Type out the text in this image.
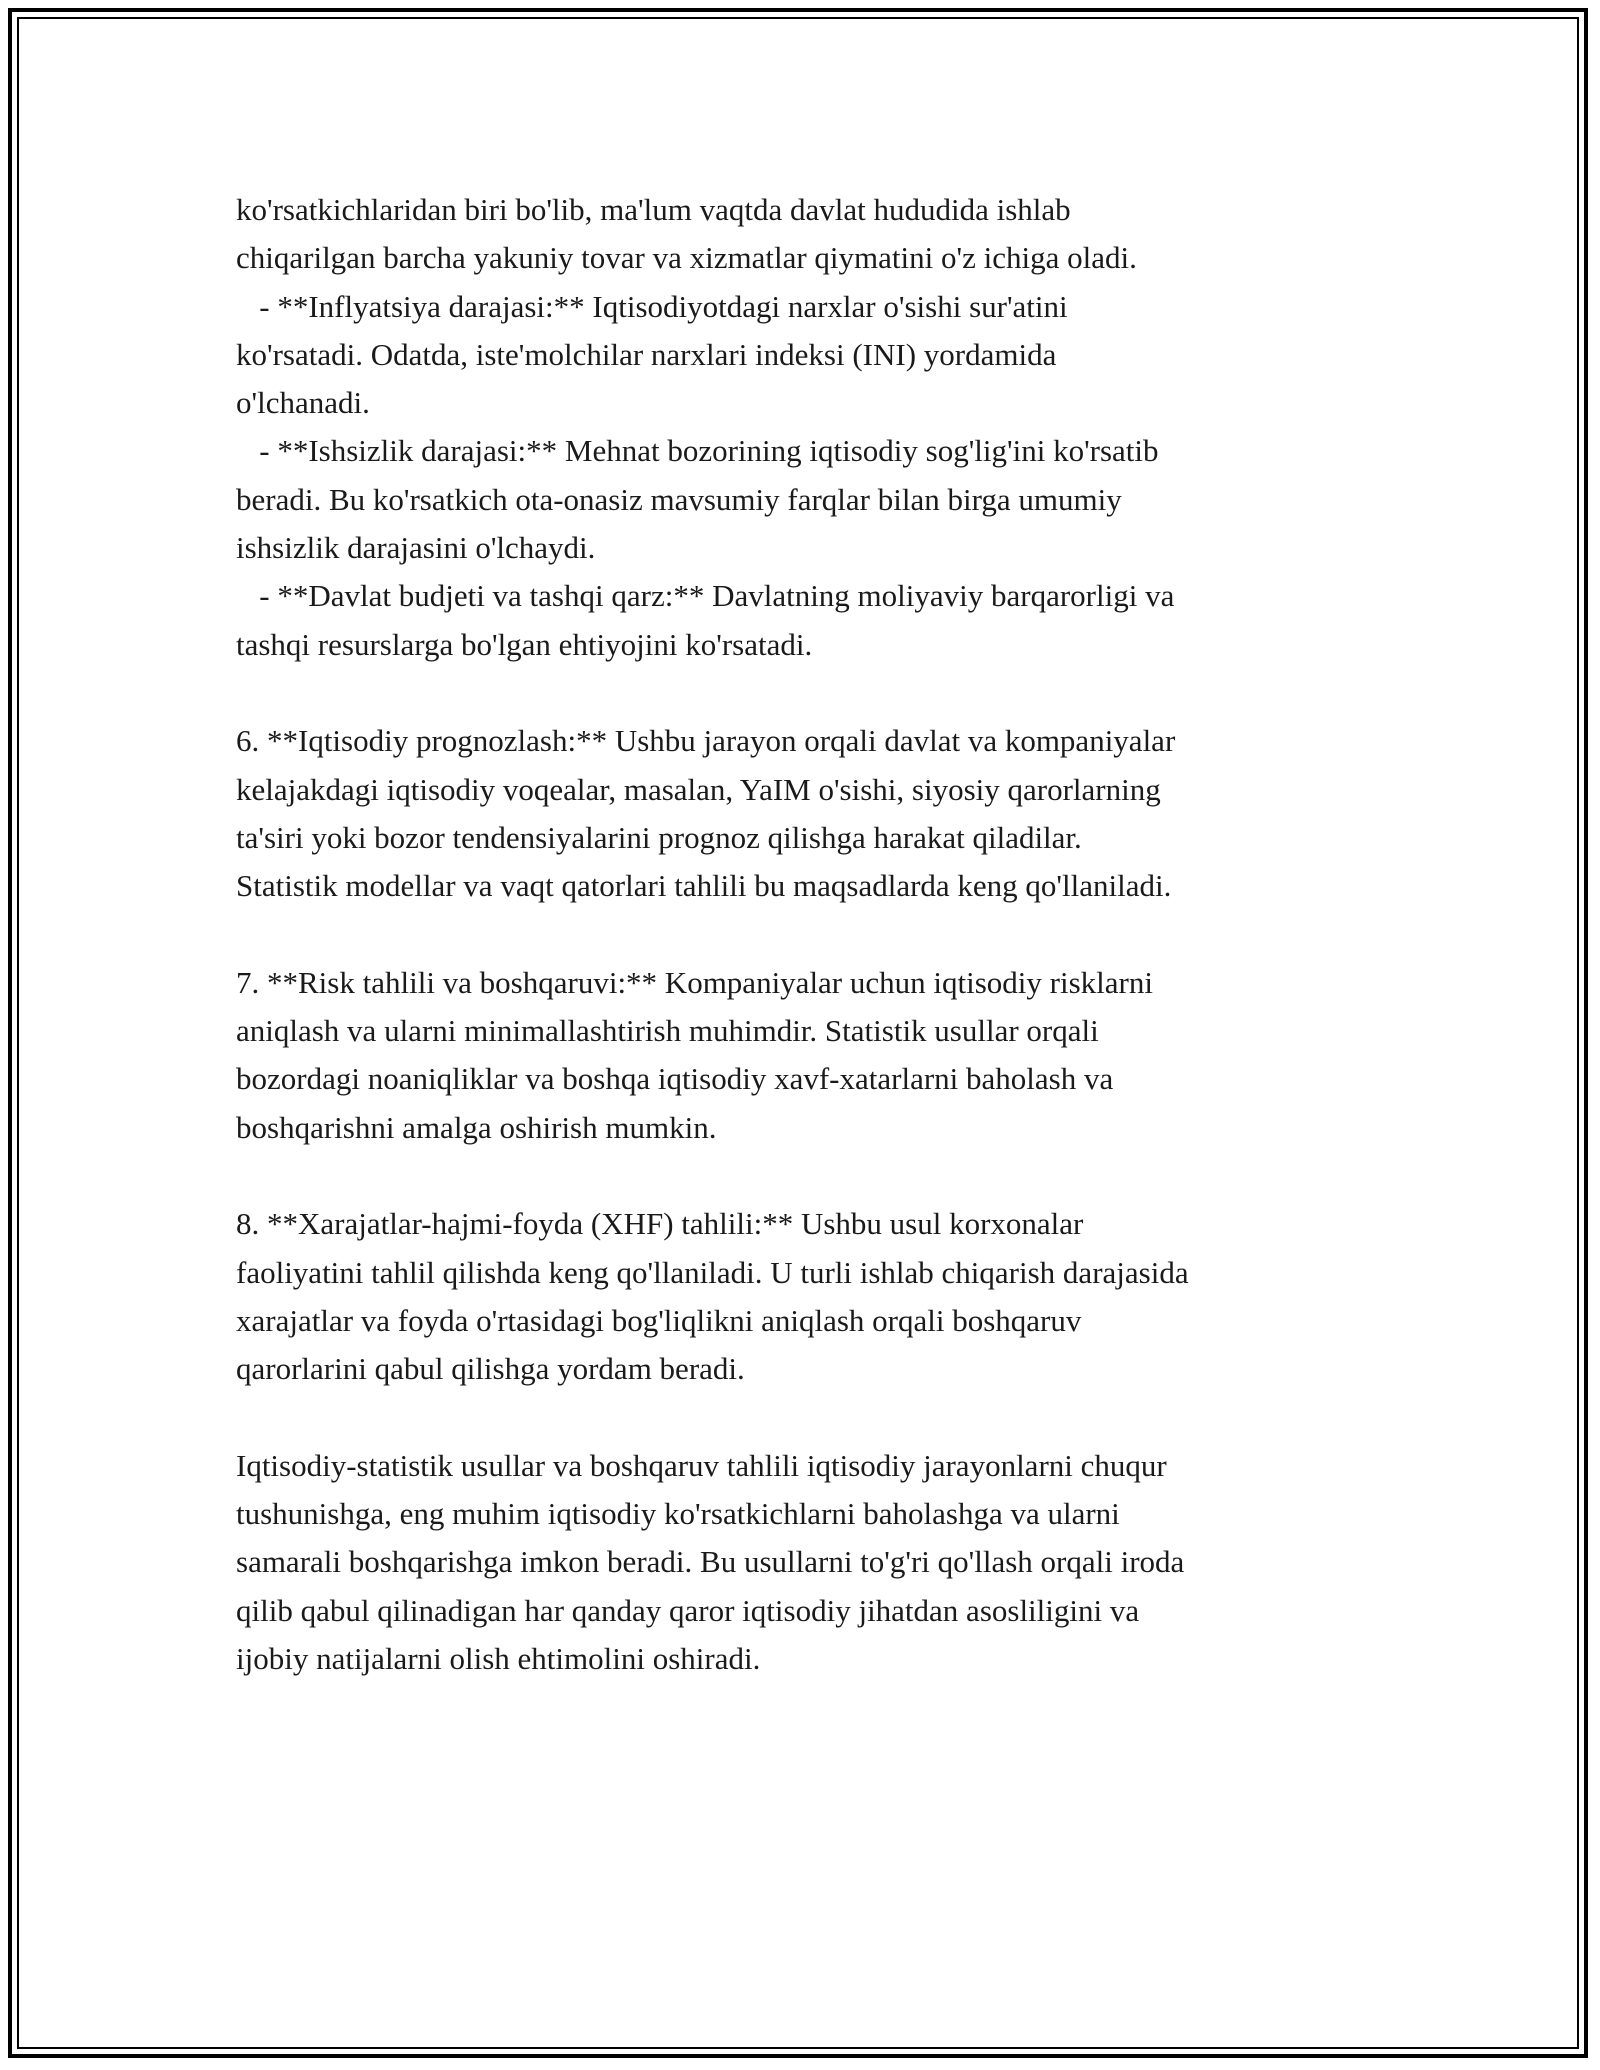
ko'rsatkichlaridan biri bo'lib, ma'lum vaqtda davlat hududida ishlab
chiqarilgan barcha yakuniy tovar va xizmatlar qiymatini o'z ichiga oladi.
- **Inflyatsiya darajasi:** Iqtisodiyotdagi narxlar o'sishi sur'atini
ko'rsatadi. Odatda, iste'molchilar narxlari indeksi (INI) yordamida
o'lchanadi.
- **Ishsizlik darajasi:** Mehnat bozorining iqtisodiy sog'lig'ini ko'rsatib
beradi. Bu ko'rsatkich ota-onasiz mavsumiy farqlar bilan birga umumiy
ishsizlik darajasini o'lchaydi.
- **Davlat budjeti va tashqi qarz:** Davlatning moliyaviy barqarorligi va
tashqi resurslarga bo'lgan ehtiyojini ko'rsatadi.
6. **Iqtisodiy prognozlash:** Ushbu jarayon orqali davlat va kompaniyalar
kelajakdagi iqtisodiy voqealar, masalan, YaIM o'sishi, siyosiy qarorlarning
ta'siri yoki bozor tendensiyalarini prognoz qilishga harakat qiladilar.
Statistik modellar va vaqt qatorlari tahlili bu maqsadlarda keng qo'llaniladi.
7. **Risk tahlili va boshqaruvi:** Kompaniyalar uchun iqtisodiy risklarni
aniqlash va ularni minimallashtirish muhimdir. Statistik usullar orqali
bozordagi noaniqliklar va boshqa iqtisodiy xavf-xatarlarni baholash va
boshqarishni amalga oshirish mumkin.
8. **Xarajatlar-hajmi-foyda (XHF) tahlili:** Ushbu usul korxonalar
faoliyatini tahlil qilishda keng qo'llaniladi. U turli ishlab chiqarish darajasida
xarajatlar va foyda o'rtasidagi bog'liqlikni aniqlash orqali boshqaruv
qarorlarini qabul qilishga yordam beradi.
Iqtisodiy-statistik usullar va boshqaruv tahlili iqtisodiy jarayonlarni chuqur
tushunishga, eng muhim iqtisodiy ko'rsatkichlarni baholashga va ularni
samarali boshqarishga imkon beradi. Bu usullarni to'g'ri qo'llash orqali iroda
qilib qabul qilinadigan har qanday qaror iqtisodiy jihatdan asosliligini va
ijobiy natijalarni olish ehtimolini oshiradi.
